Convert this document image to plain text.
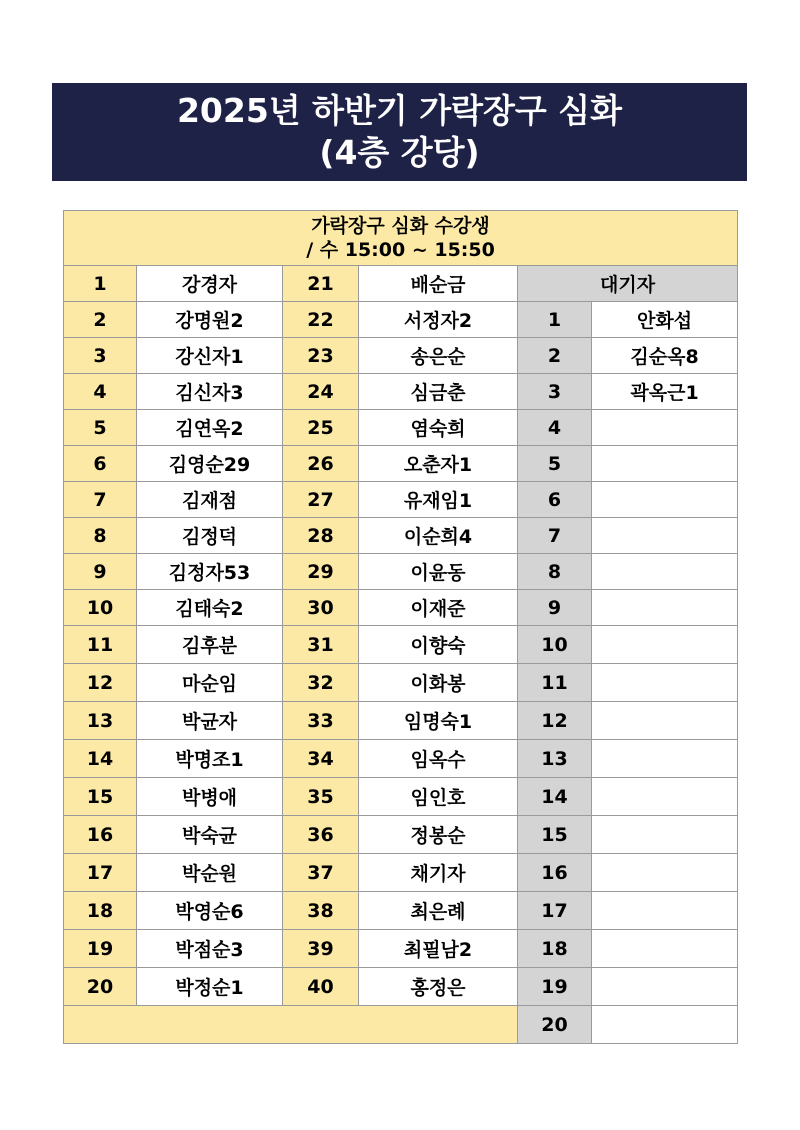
2025년 하반기 가락장구 심화
(4층 강당)
가락장구 심화 수강생
/ 수 15:00 ~ 15:50					

1	강경자	21	배순금	대기자	
2	강명원2	22	서정자2	1	안화섭
3	강신자1	23	송은순	2	김순옥8
4	김신자3	24	심금춘	3	곽옥근1
5	김연옥2	25	염숙희	4	
6	김영순29	26	오춘자1	5	
7	김재점	27	유재임1	6	
8	김정덕	28	이순희4	7	
9	김정자53	29	이윤동	8	
10	김태숙2	30	이재준	9	
11	김후분	31	이향숙	10	
12	마순임	32	이화봉	11	
13	박균자	33	임명숙1	12	
14	박명조1	34	임옥수	13	
15	박병애	35	임인호	14	
16	박숙균	36	정봉순	15	
17	박순원	37	채기자	16	
18	박영순6	38	최은례	17	
19	박점순3	39	최필남2	18	
20	박정순1	40	홍정은	19	
				20	
